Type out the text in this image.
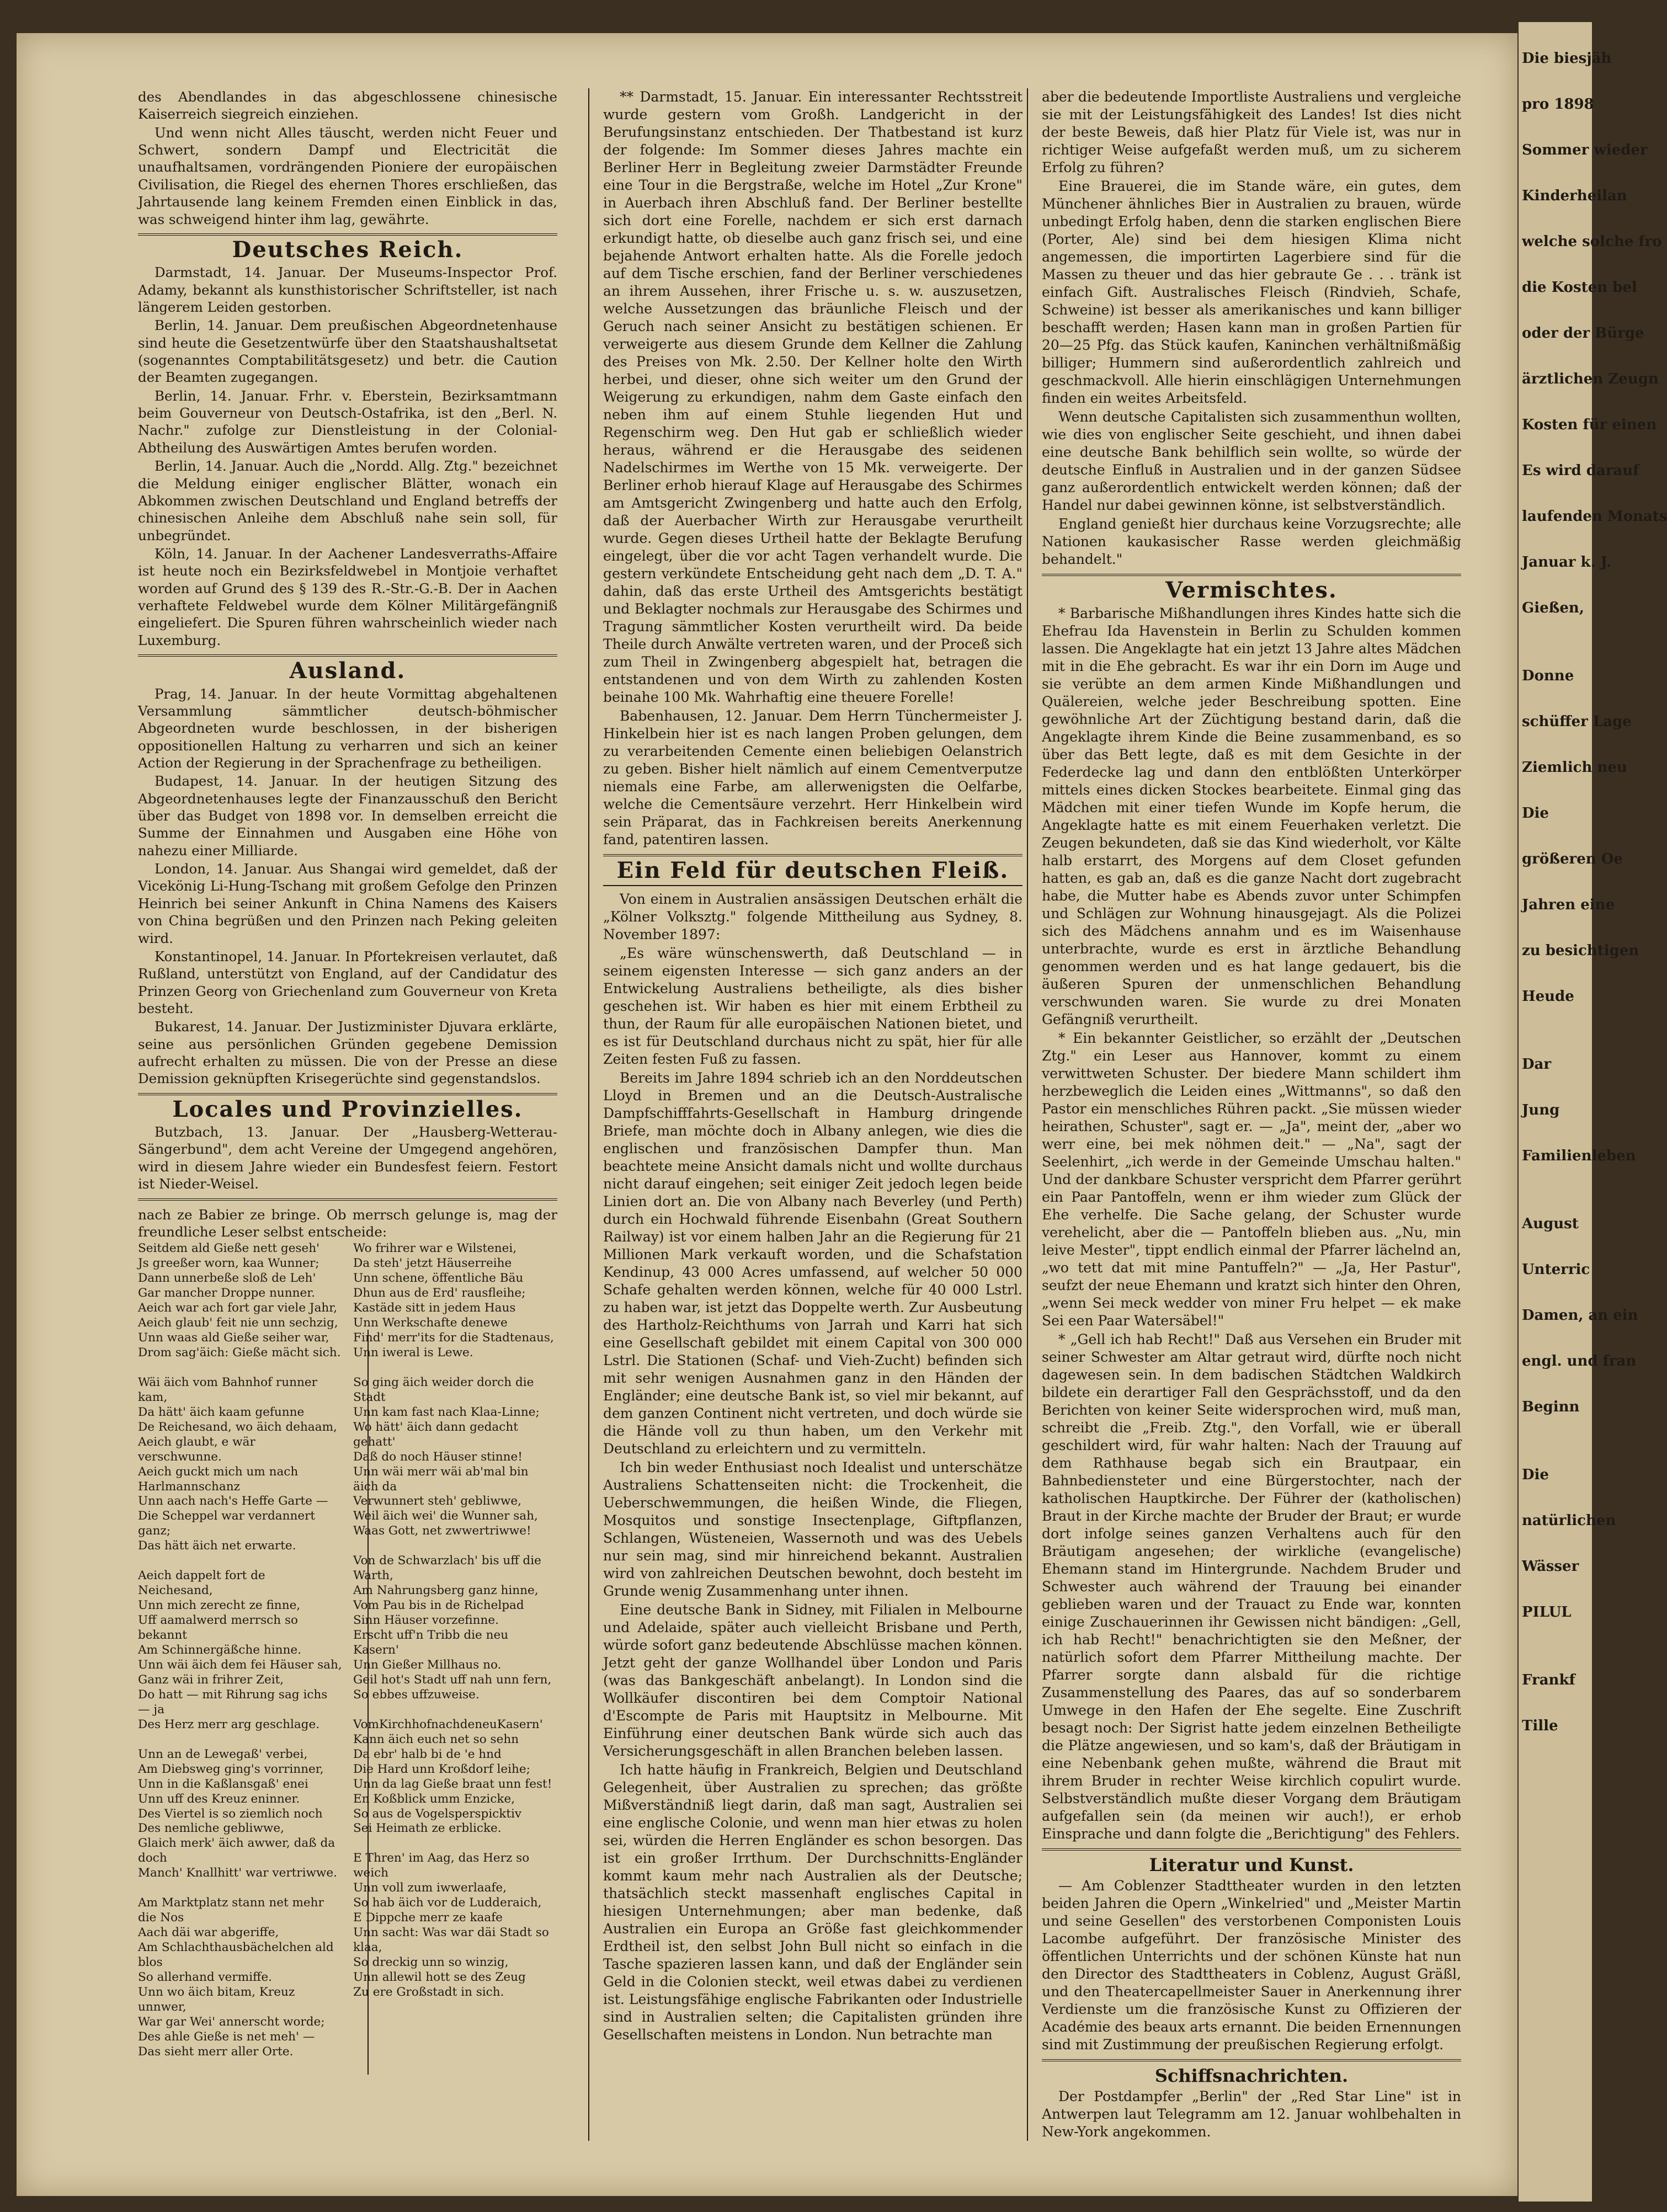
Die biesjäh
pro 1898
Sommer wieder
Kinderheilan
welche solche fro
die Kosten bel
oder der Bürge
ärztlichen Zeugn
Kosten für einen
Es wird darauf
laufenden Monats
Januar k. J.
Gießen,
Donne
schüffer Lage
Ziemlich neu
Die
größeren Oe
Jahren eine
zu besichtigen
Heude
Dar
Jung
Familienleben
August
Unterric
Damen, an ein
engl. und fran
Beginn
Die
natürlichen
Wässer
PILUL
Frankf
Tille

des Abendlandes in das abgeschlossene chinesische Kaiserreich siegreich einziehen.

Und wenn nicht Alles täuscht, werden nicht Feuer und Schwert, sondern Dampf und Electricität die unaufhaltsamen, vordrängenden Pioniere der europäischen Civilisation, die Riegel des ehernen Thores erschließen, das Jahrtausende lang keinem Fremden einen Einblick in das, was schweigend hinter ihm lag, gewährte.

Deutsches Reich.

Darmstadt, 14. Januar. Der Museums-Inspector Prof. Adamy, bekannt als kunsthistorischer Schriftsteller, ist nach längerem Leiden gestorben.

Berlin, 14. Januar. Dem preußischen Abgeordnetenhause sind heute die Gesetzentwürfe über den Staatshaushaltsetat (sogenanntes Comptabilitätsgesetz) und betr. die Caution der Beamten zugegangen.

Berlin, 14. Januar. Frhr. v. Eberstein, Bezirksamtmann beim Gouverneur von Deutsch-Ostafrika, ist den „Berl. N. Nachr." zufolge zur Dienstleistung in der Colonial-Abtheilung des Auswärtigen Amtes berufen worden.

Berlin, 14. Januar. Auch die „Nordd. Allg. Ztg." bezeichnet die Meldung einiger englischer Blätter, wonach ein Abkommen zwischen Deutschland und England betreffs der chinesischen Anleihe dem Abschluß nahe sein soll, für unbegründet.

Köln, 14. Januar. In der Aachener Landesverraths-Affaire ist heute noch ein Bezirksfeldwebel in Montjoie verhaftet worden auf Grund des § 139 des R.-Str.-G.-B. Der in Aachen verhaftete Feldwebel wurde dem Kölner Militärgefängniß eingeliefert. Die Spuren führen wahrscheinlich wieder nach Luxemburg.

Ausland.

Prag, 14. Januar. In der heute Vormittag abgehaltenen Versammlung sämmtlicher deutsch-böhmischer Abgeordneten wurde beschlossen, in der bisherigen oppositionellen Haltung zu verharren und sich an keiner Action der Regierung in der Sprachenfrage zu betheiligen.

Budapest, 14. Januar. In der heutigen Sitzung des Abgeordnetenhauses legte der Finanzausschuß den Bericht über das Budget von 1898 vor. In demselben erreicht die Summe der Einnahmen und Ausgaben eine Höhe von nahezu einer Milliarde.

London, 14. Januar. Aus Shangai wird gemeldet, daß der Vicekönig Li-Hung-Tschang mit großem Gefolge den Prinzen Heinrich bei seiner Ankunft in China Namens des Kaisers von China begrüßen und den Prinzen nach Peking geleiten wird.

Konstantinopel, 14. Januar. In Pfortekreisen verlautet, daß Rußland, unterstützt von England, auf der Candidatur des Prinzen Georg von Griechenland zum Gouverneur von Kreta besteht.

Bukarest, 14. Januar. Der Justizminister Djuvara erklärte, seine aus persönlichen Gründen gegebene Demission aufrecht erhalten zu müssen. Die von der Presse an diese Demission geknüpften Krisegerüchte sind gegenstandslos.

Locales und Provinzielles.

Butzbach, 13. Januar. Der „Hausberg-Wetterau-Sängerbund", dem acht Vereine der Umgegend angehören, wird in diesem Jahre wieder ein Bundesfest feiern. Festort ist Nieder-Weisel.

nach ze Babier ze bringe. Ob merrsch gelunge is, mag der freundliche Leser selbst entscheide:

Seitdem ald Gieße nett geseh'
Js greeßer worn, kaa Wunner;
Dann unnerbeße sloß de Leh'
Gar mancher Droppe nunner.
Aeich war ach fort gar viele Jahr,
Aeich glaub' feit nie unn sechzig,
Unn waas ald Gieße seiher war,
Drom sag'äich: Gieße mächt sich.

Wäi äich vom Bahnhof runner kam,
Da hätt' äich kaam gefunne
De Reichesand, wo äich dehaam,
Aeich glaubt, e wär verschwunne.
Aeich guckt mich um nach Harlmannschanz
Unn aach nach's Heffe Garte —
Die Scheppel war verdannert ganz;
Das hätt äich net erwarte.

Aeich dappelt fort de Neichesand,
Unn mich zerecht ze finne,
Uff aamalwerd merrsch so bekannt
Am Schinnergäßche hinne.
Unn wäi äich dem fei Häuser sah,
Ganz wäi in frihrer Zeit,
Do hatt — mit Rihrung sag ichs — ja
Des Herz merr arg geschlage.

Unn an de Lewegaß' verbei,
Am Diebsweg ging's vorrinner,
Unn in die Kaßlansgaß' enei
Unn uff des Kreuz eninner.
Des Viertel is so ziemlich noch
Des nemliche gebliwwe,
Glaich merk' äich awwer, daß da doch
Manch' Knallhitt' war vertriwwe.

Am Marktplatz stann net mehr die Nos
Aach däi war abgeriffe,
Am Schlachthausbächelchen ald blos
So allerhand vermiffe.
Unn wo äich bitam, Kreuz unnwer,
War gar Wei' annerscht worde;
Des ahle Gieße is net meh' —
Das sieht merr aller Orte.
Wo frihrer war e Wilstenei,
Da steh' jetzt Häuserreihe
Unn schene, öffentliche Bäu
Dhun aus de Erd' rausfleihe;
Kastäde sitt in jedem Haus
Unn Werkschafte denewe
Find' merr'its for die Stadtenaus,
Unn iweral is Lewe.

So ging äich weider dorch die Stadt
Unn kam fast nach Klaa-Linne;
Wo hätt' äich dann gedacht gehatt'
Daß do noch Häuser stinne!
Unn wäi merr wäi ab'mal bin äich da
Verwunnert steh' gebliwwe,
Weil äich wei' die Wunner sah,
Waas Gott, net zwwertriwwe!

Von de Schwarzlach' bis uff die Warth,
Am Nahrungsberg ganz hinne,
Vom Pau bis in de Richelpad
Sinn Häuser vorzefinne.
Erscht uff'n Tribb die neu Kasern'
Unn Gießer Millhaus no.
Geil hot's Stadt uff nah unn fern,
So ebbes uffzuweise.

VomKirchhofnachdeneuKasern'
Kann äich euch net so sehn
Da ebr' halb bi de 'e hnd
Die Hard unn Kroßdorf leihe;
Unn da lag Gieße braat unn fest!
En Koßblick umm Enzicke,
So aus de Vogelsperspicktiv
Sei Heimath ze erblicke.

E Thren' im Aag, das Herz so weich
Unn voll zum iwwerlaafe,
So hab äich vor de Ludderaich,
E Dippche merr ze kaafe
Unn sacht: Was war däi Stadt so klaa,
So dreckig unn so winzig,
Unn allewil hott se des Zeug
Zu ere Großstadt in sich.

** Darmstadt, 15. Januar. Ein interessanter Rechtsstreit wurde gestern vom Großh. Landgericht in der Berufungsinstanz entschieden. Der Thatbestand ist kurz der folgende: Im Sommer dieses Jahres machte ein Berliner Herr in Begleitung zweier Darmstädter Freunde eine Tour in die Bergstraße, welche im Hotel „Zur Krone" in Auerbach ihren Abschluß fand. Der Berliner bestellte sich dort eine Forelle, nachdem er sich erst darnach erkundigt hatte, ob dieselbe auch ganz frisch sei, und eine bejahende Antwort erhalten hatte. Als die Forelle jedoch auf dem Tische erschien, fand der Berliner verschiedenes an ihrem Aussehen, ihrer Frische u. s. w. auszusetzen, welche Aussetzungen das bräunliche Fleisch und der Geruch nach seiner Ansicht zu bestätigen schienen. Er verweigerte aus diesem Grunde dem Kellner die Zahlung des Preises von Mk. 2.50. Der Kellner holte den Wirth herbei, und dieser, ohne sich weiter um den Grund der Weigerung zu erkundigen, nahm dem Gaste einfach den neben ihm auf einem Stuhle liegenden Hut und Regenschirm weg. Den Hut gab er schließlich wieder heraus, während er die Herausgabe des seidenen Nadelschirmes im Werthe von 15 Mk. verweigerte. Der Berliner erhob hierauf Klage auf Herausgabe des Schirmes am Amtsgericht Zwingenberg und hatte auch den Erfolg, daß der Auerbacher Wirth zur Herausgabe verurtheilt wurde. Gegen dieses Urtheil hatte der Beklagte Berufung eingelegt, über die vor acht Tagen verhandelt wurde. Die gestern verkündete Entscheidung geht nach dem „D. T. A." dahin, daß das erste Urtheil des Amtsgerichts bestätigt und Beklagter nochmals zur Herausgabe des Schirmes und Tragung sämmtlicher Kosten verurtheilt wird. Da beide Theile durch Anwälte vertreten waren, und der Proceß sich zum Theil in Zwingenberg abgespielt hat, betragen die entstandenen und von dem Wirth zu zahlenden Kosten beinahe 100 Mk. Wahrhaftig eine theuere Forelle!

Babenhausen, 12. Januar. Dem Herrn Tünchermeister J. Hinkelbein hier ist es nach langen Proben gelungen, dem zu verarbeitenden Cemente einen beliebigen Oelanstrich zu geben. Bisher hielt nämlich auf einem Cementverputze niemals eine Farbe, am allerwenigsten die Oelfarbe, welche die Cementsäure verzehrt. Herr Hinkelbein wird sein Präparat, das in Fachkreisen bereits Anerkennung fand, patentiren lassen.

Ein Feld für deutschen Fleiß.

Von einem in Australien ansässigen Deutschen erhält die „Kölner Volksztg." folgende Mittheilung aus Sydney, 8. November 1897:

„Es wäre wünschenswerth, daß Deutschland — in seinem eigensten Interesse — sich ganz anders an der Entwickelung Australiens betheiligte, als dies bisher geschehen ist. Wir haben es hier mit einem Erbtheil zu thun, der Raum für alle europäischen Nationen bietet, und es ist für Deutschland durchaus nicht zu spät, hier für alle Zeiten festen Fuß zu fassen.

Bereits im Jahre 1894 schrieb ich an den Norddeutschen Lloyd in Bremen und an die Deutsch-Australische Dampfschifffahrts-Gesellschaft in Hamburg dringende Briefe, man möchte doch in Albany anlegen, wie dies die englischen und französischen Dampfer thun. Man beachtete meine Ansicht damals nicht und wollte durchaus nicht darauf eingehen; seit einiger Zeit jedoch legen beide Linien dort an. Die von Albany nach Beverley (und Perth) durch ein Hochwald führende Eisenbahn (Great Southern Railway) ist vor einem halben Jahr an die Regierung für 21 Millionen Mark verkauft worden, und die Schafstation Kendinup, 43 000 Acres umfassend, auf welcher 50 000 Schafe gehalten werden können, welche für 40 000 Lstrl. zu haben war, ist jetzt das Doppelte werth. Zur Ausbeutung des Hartholz-Reichthums von Jarrah und Karri hat sich eine Gesellschaft gebildet mit einem Capital von 300 000 Lstrl. Die Stationen (Schaf- und Vieh-Zucht) befinden sich mit sehr wenigen Ausnahmen ganz in den Händen der Engländer; eine deutsche Bank ist, so viel mir bekannt, auf dem ganzen Continent nicht vertreten, und doch würde sie die Hände voll zu thun haben, um den Verkehr mit Deutschland zu erleichtern und zu vermitteln.

Ich bin weder Enthusiast noch Idealist und unterschätze Australiens Schattenseiten nicht: die Trockenheit, die Ueberschwemmungen, die heißen Winde, die Fliegen, Mosquitos und sonstige Insectenplage, Giftpflanzen, Schlangen, Wüsteneien, Wassernoth und was des Uebels nur sein mag, sind mir hinreichend bekannt. Australien wird von zahlreichen Deutschen bewohnt, doch besteht im Grunde wenig Zusammenhang unter ihnen.

Eine deutsche Bank in Sidney, mit Filialen in Melbourne und Adelaide, später auch vielleicht Brisbane und Perth, würde sofort ganz bedeutende Abschlüsse machen können. Jetzt geht der ganze Wollhandel über London und Paris (was das Bankgeschäft anbelangt). In London sind die Wollkäufer discontiren bei dem Comptoir National d'Escompte de Paris mit Hauptsitz in Melbourne. Mit Einführung einer deutschen Bank würde sich auch das Versicherungsgeschäft in allen Branchen beleben lassen.

Ich hatte häufig in Frankreich, Belgien und Deutschland Gelegenheit, über Australien zu sprechen; das größte Mißverständniß liegt darin, daß man sagt, Australien sei eine englische Colonie, und wenn man hier etwas zu holen sei, würden die Herren Engländer es schon besorgen. Das ist ein großer Irrthum. Der Durchschnitts-Engländer kommt kaum mehr nach Australien als der Deutsche; thatsächlich steckt massenhaft englisches Capital in hiesigen Unternehmungen; aber man bedenke, daß Australien ein Europa an Größe fast gleichkommender Erdtheil ist, den selbst John Bull nicht so einfach in die Tasche spazieren lassen kann, und daß der Engländer sein Geld in die Colonien steckt, weil etwas dabei zu verdienen ist. Leistungsfähige englische Fabrikanten oder Industrielle sind in Australien selten; die Capitalisten gründen ihre Gesellschaften meistens in London. Nun betrachte man

aber die bedeutende Importliste Australiens und vergleiche sie mit der Leistungsfähigkeit des Landes! Ist dies nicht der beste Beweis, daß hier Platz für Viele ist, was nur in richtiger Weise aufgefaßt werden muß, um zu sicherem Erfolg zu führen?

Eine Brauerei, die im Stande wäre, ein gutes, dem Münchener ähnliches Bier in Australien zu brauen, würde unbedingt Erfolg haben, denn die starken englischen Biere (Porter, Ale) sind bei dem hiesigen Klima nicht angemessen, die importirten Lagerbiere sind für die Massen zu theuer und das hier gebraute Ge . . . tränk ist einfach Gift. Australisches Fleisch (Rindvieh, Schafe, Schweine) ist besser als amerikanisches und kann billiger beschafft werden; Hasen kann man in großen Partien für 20—25 Pfg. das Stück kaufen, Kaninchen verhältnißmäßig billiger; Hummern sind außerordentlich zahlreich und geschmackvoll. Alle hierin einschlägigen Unternehmungen finden ein weites Arbeitsfeld.

Wenn deutsche Capitalisten sich zusammenthun wollten, wie dies von englischer Seite geschieht, und ihnen dabei eine deutsche Bank behilflich sein wollte, so würde der deutsche Einfluß in Australien und in der ganzen Südsee ganz außerordentlich entwickelt werden können; daß der Handel nur dabei gewinnen könne, ist selbstverständlich.

England genießt hier durchaus keine Vorzugsrechte; alle Nationen kaukasischer Rasse werden gleichmäßig behandelt."

Vermischtes.

* Barbarische Mißhandlungen ihres Kindes hatte sich die Ehefrau Ida Havenstein in Berlin zu Schulden kommen lassen. Die Angeklagte hat ein jetzt 13 Jahre altes Mädchen mit in die Ehe gebracht. Es war ihr ein Dorn im Auge und sie verübte an dem armen Kinde Mißhandlungen und Quälereien, welche jeder Beschreibung spotten. Eine gewöhnliche Art der Züchtigung bestand darin, daß die Angeklagte ihrem Kinde die Beine zusammenband, es so über das Bett legte, daß es mit dem Gesichte in der Federdecke lag und dann den entblößten Unterkörper mittels eines dicken Stockes bearbeitete. Einmal ging das Mädchen mit einer tiefen Wunde im Kopfe herum, die Angeklagte hatte es mit einem Feuerhaken verletzt. Die Zeugen bekundeten, daß sie das Kind wiederholt, vor Kälte halb erstarrt, des Morgens auf dem Closet gefunden hatten, es gab an, daß es die ganze Nacht dort zugebracht habe, die Mutter habe es Abends zuvor unter Schimpfen und Schlägen zur Wohnung hinausgejagt. Als die Polizei sich des Mädchens annahm und es im Waisenhause unterbrachte, wurde es erst in ärztliche Behandlung genommen werden und es hat lange gedauert, bis die äußeren Spuren der unmenschlichen Behandlung verschwunden waren. Sie wurde zu drei Monaten Gefängniß verurtheilt.

* Ein bekannter Geistlicher, so erzählt der „Deutschen Ztg." ein Leser aus Hannover, kommt zu einem verwittweten Schuster. Der biedere Mann schildert ihm herzbeweglich die Leiden eines „Wittmanns", so daß den Pastor ein menschliches Rühren packt. „Sie müssen wieder heirathen, Schuster", sagt er. — „Ja", meint der, „aber wo werr eine, bei mek nöhmen deit." — „Na", sagt der Seelenhirt, „ich werde in der Gemeinde Umschau halten." Und der dankbare Schuster verspricht dem Pfarrer gerührt ein Paar Pantoffeln, wenn er ihm wieder zum Glück der Ehe verhelfe. Die Sache gelang, der Schuster wurde verehelicht, aber die — Pantoffeln blieben aus. „Nu, min leive Mester", tippt endlich einmal der Pfarrer lächelnd an, „wo tett dat mit mine Pantuffeln?" — „Ja, Her Pastur", seufzt der neue Ehemann und kratzt sich hinter den Ohren, „wenn Sei meck wedder von miner Fru helpet — ek make Sei een Paar Watersäbel!"

* „Gell ich hab Recht!" Daß aus Versehen ein Bruder mit seiner Schwester am Altar getraut wird, dürfte noch nicht dagewesen sein. In dem badischen Städtchen Waldkirch bildete ein derartiger Fall den Gesprächsstoff, und da den Berichten von keiner Seite widersprochen wird, muß man, schreibt die „Freib. Ztg.", den Vorfall, wie er überall geschildert wird, für wahr halten: Nach der Trauung auf dem Rathhause begab sich ein Brautpaar, ein Bahnbediensteter und eine Bürgerstochter, nach der katholischen Hauptkirche. Der Führer der (katholischen) Braut in der Kirche machte der Bruder der Braut; er wurde dort infolge seines ganzen Verhaltens auch für den Bräutigam angesehen; der wirkliche (evangelische) Ehemann stand im Hintergrunde. Nachdem Bruder und Schwester auch während der Trauung bei einander geblieben waren und der Trauact zu Ende war, konnten einige Zuschauerinnen ihr Gewissen nicht bändigen: „Gell, ich hab Recht!" benachrichtigten sie den Meßner, der natürlich sofort dem Pfarrer Mittheilung machte. Der Pfarrer sorgte dann alsbald für die richtige Zusammenstellung des Paares, das auf so sonderbarem Umwege in den Hafen der Ehe segelte. Eine Zuschrift besagt noch: Der Sigrist hatte jedem einzelnen Betheiligte die Plätze angewiesen, und so kam's, daß der Bräutigam in eine Nebenbank gehen mußte, während die Braut mit ihrem Bruder in rechter Weise kirchlich copulirt wurde. Selbstverständlich mußte dieser Vorgang dem Bräutigam aufgefallen sein (da meinen wir auch!), er erhob Einsprache und dann folgte die „Berichtigung" des Fehlers.

Literatur und Kunst.

— Am Coblenzer Stadttheater wurden in den letzten beiden Jahren die Opern „Winkelried" und „Meister Martin und seine Gesellen" des verstorbenen Componisten Louis Lacombe aufgeführt. Der französische Minister des öffentlichen Unterrichts und der schönen Künste hat nun den Director des Stadttheaters in Coblenz, August Gräßl, und den Theatercapellmeister Sauer in Anerkennung ihrer Verdienste um die französische Kunst zu Offizieren der Académie des beaux arts ernannt. Die beiden Ernennungen sind mit Zustimmung der preußischen Regierung erfolgt.

Schiffsnachrichten.

Der Postdampfer „Berlin" der „Red Star Line" ist in Antwerpen laut Telegramm am 12. Januar wohlbehalten in New-York angekommen.
